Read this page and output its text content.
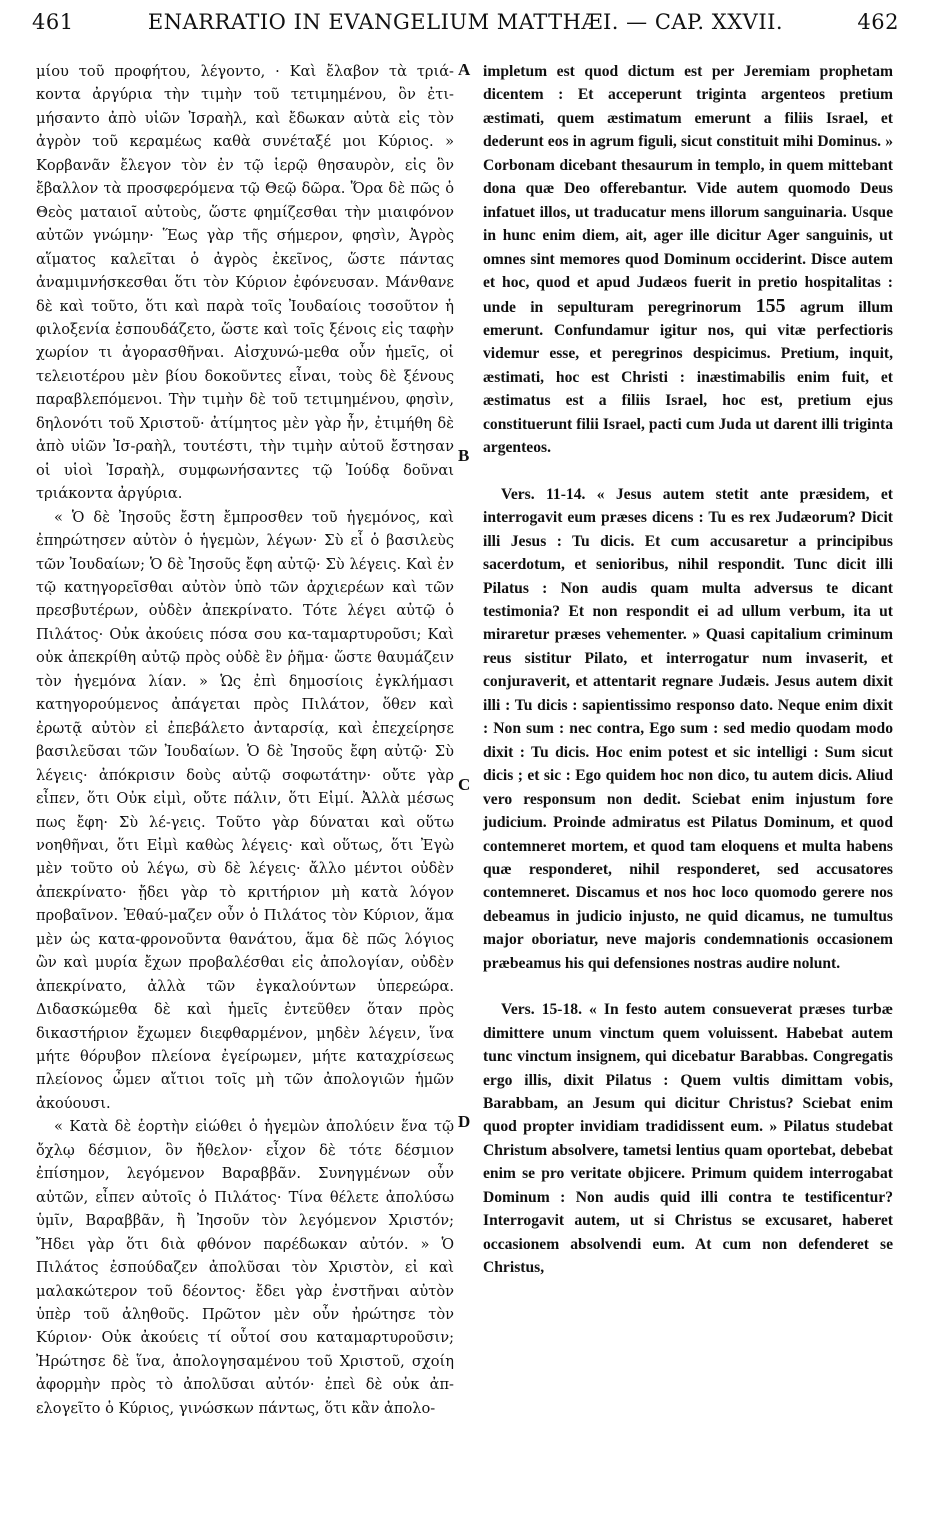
461	ENARRATIO IN EVANGELIUM MATTHÆI. — CAP. XXVII.	462

μίου τοῦ προφήτου, λέγοντο, · Καὶ ἔλαβον τὰ τριά-κοντα ἀργύρια τὴν τιμὴν τοῦ τετιμημένου, ὃν ἐτι-μήσαντο ἀπὸ υἱῶν Ἰσραὴλ, καὶ ἔδωκαν αὐτὰ εἰς τὸν ἀγρὸν τοῦ κεραμέως καθὰ συνέταξέ μοι Κύριος. » Κορβανᾶν ἔλεγον τὸν ἐν τῷ ἱερῷ θησαυρὸν, εἰς ὃν ἔβαλλον τὰ προσφερόμενα τῷ Θεῷ δῶρα. Ὅρα δὲ πῶς ὁ Θεὸς ματαιοῖ αὐτοὺς, ὥστε φημίζεσθαι τὴν μιαιφόνον αὐτῶν γνώμην· Ἕως γὰρ τῆς σήμερον, φησὶν, Ἀγρὸς αἵματος καλεῖται ὁ ἀγρὸς ἐκεῖνος, ὥστε πάντας ἀναμιμνήσκεσθαι ὅτι τὸν Κύριον ἐφόνευσαν. Μάνθανε δὲ καὶ τοῦτο, ὅτι καὶ παρὰ τοῖς Ἰουδαίοις τοσοῦτον ἡ φιλοξενία ἐσπουδάζετο, ὥστε καὶ τοῖς ξένοις εἰς ταφὴν χωρίον τι ἀγορασθῆναι. Αἰσχυνώ-μεθα οὖν ἡμεῖς, οἱ τελειοτέρου μὲν βίου δοκοῦντες εἶναι, τοὺς δὲ ξένους παραβλεπόμενοι. Τὴν τιμὴν δὲ τοῦ τετιμημένου, φησὶν, δηλονότι τοῦ Χριστοῦ· ἀτίμητος μὲν γὰρ ἦν, ἐτιμήθη δὲ ἀπὸ υἱῶν Ἰσ-ραὴλ, τουτέστι, τὴν τιμὴν αὐτοῦ ἔστησαν οἱ υἱοὶ Ἰσραὴλ, συμφωνήσαντες τῷ Ἰούδᾳ δοῦναι τριάκοντα ἀργύρια.

« Ὁ δὲ Ἰησοῦς ἔστη ἔμπροσθεν τοῦ ἡγεμόνος, καὶ ἐπηρώτησεν αὐτὸν ὁ ἡγεμὼν, λέγων· Σὺ εἶ ὁ βασιλεὺς τῶν Ἰουδαίων; Ὁ δὲ Ἰησοῦς ἔφη αὐτῷ· Σὺ λέγεις. Καὶ ἐν τῷ κατηγορεῖσθαι αὐτὸν ὑπὸ τῶν ἀρχιερέων καὶ τῶν πρεσβυτέρων, οὐδὲν ἀπεκρίνατο. Τότε λέγει αὐτῷ ὁ Πιλάτος· Οὐκ ἀκούεις πόσα σου κα-ταμαρτυροῦσι; Καὶ οὐκ ἀπεκρίθη αὐτῷ πρὸς οὐδὲ ἓν ῥῆμα· ὥστε θαυμάζειν τὸν ἡγεμόνα λίαν. » Ὡς ἐπὶ δημοσίοις ἐγκλήμασι κατηγορούμενος ἀπάγεται πρὸς Πιλάτον, ὅθεν καὶ ἐρωτᾷ αὐτὸν εἰ ἐπεβάλετο ἀνταρσίᾳ, καὶ ἐπεχείρησε βασιλεῦσαι τῶν Ἰουδαίων. Ὁ δὲ Ἰησοῦς ἔφη αὐτῷ· Σὺ λέγεις· ἀπόκρισιν δοὺς αὐτῷ σοφωτάτην· οὔτε γὰρ εἶπεν, ὅτι Οὐκ εἰμὶ, οὔτε πάλιν, ὅτι Εἰμί. Ἀλλὰ μέσως πως ἔφη· Σὺ λέ-γεις. Τοῦτο γὰρ δύναται καὶ οὕτω νοηθῆναι, ὅτι Εἰμὶ καθὼς λέγεις· καὶ οὕτως, ὅτι Ἐγὼ μὲν τοῦτο οὐ λέγω, σὺ δὲ λέγεις· ἄλλο μέντοι οὐδὲν ἀπεκρίνατο· ᾔδει γὰρ τὸ κριτήριον μὴ κατὰ λόγον προβαῖνον. Ἐθαύ-μαζεν οὖν ὁ Πιλάτος τὸν Κύριον, ἅμα μὲν ὡς κατα-φρονοῦντα θανάτου, ἅμα δὲ πῶς λόγιος ὢν καὶ μυρία ἔχων προβαλέσθαι εἰς ἀπολογίαν, οὐδὲν ἀπεκρίνατο, ἀλλὰ τῶν ἐγκαλούντων ὑπερεώρα. Διδασκώμεθα δὲ καὶ ἡμεῖς ἐντεῦθεν ὅταν πρὸς δικαστήριον ἔχωμεν διεφθαρμένον, μηδὲν λέγειν, ἵνα μήτε θόρυβον πλείονα ἐγείρωμεν, μήτε καταχρίσεως πλείονος ὦμεν αἴτιοι τοῖς μὴ τῶν ἀπολογιῶν ἡμῶν ἀκούουσι.

« Κατὰ δὲ ἑορτὴν εἰώθει ὁ ἡγεμὼν ἀπολύειν ἕνα τῷ ὄχλῳ δέσμιον, ὃν ἤθελον· εἶχον δὲ τότε δέσμιον ἐπίσημον, λεγόμενον Βαραββᾶν. Συνηγμένων οὖν αὐτῶν, εἶπεν αὐτοῖς ὁ Πιλάτος· Τίνα θέλετε ἀπολύσω ὑμῖν, Βαραββᾶν, ἢ Ἰησοῦν τὸν λεγόμενον Χριστόν; Ἤδει γὰρ ὅτι διὰ φθόνον παρέδωκαν αὐτόν. » Ὁ Πιλάτος ἐσπούδαζεν ἀπολῦσαι τὸν Χριστὸν, εἰ καὶ μαλακώτερον τοῦ δέοντος· ἔδει γὰρ ἐνστῆναι αὐτὸν ὑπὲρ τοῦ ἀληθοῦς. Πρῶτον μὲν οὖν ἠρώτησε τὸν Κύριον· Οὐκ ἀκούεις τί οὗτοί σου καταμαρτυροῦσιν; Ἠρώτησε δὲ ἵνα, ἀπολογησαμένου τοῦ Χριστοῦ, σχοίη ἀφορμὴν πρὸς τὸ ἀπολῦσαι αὐτόν· ἐπεὶ δὲ οὐκ ἀπ-ελογεῖτο ὁ Κύριος, γινώσκων πάντως, ὅτι κἂν ἀπολο-

impletum est quod dictum est per Jeremiam prophetam dicentem : Et acceperunt triginta argenteos pretium æstimati, quem æstimatum emerunt a filiis Israel, et dederunt eos in agrum figuli, sicut constituit mihi Dominus. » Corbonam dicebant thesaurum in templo, in quem mittebant dona quæ Deo offerebantur. Vide autem quomodo Deus infatuet illos, ut traducatur mens illorum sanguinaria. Usque in hunc enim diem, ait, ager ille dicitur Ager sanguinis, ut omnes sint memores quod Dominum occiderint. Disce autem et hoc, quod et apud Judæos fuerit in pretio hospitalitas : unde in sepulturam peregrinorum 155 agrum illum emerunt. Confundamur igitur nos, qui vitæ perfectioris videmur esse, et peregrinos despicimus. Pretium, inquit, æstimati, hoc est Christi : inæstimabilis enim fuit, et æstimatus est a filiis Israel, hoc est, pretium ejus constituerunt filii Israel, pacti cum Juda ut darent illi triginta argenteos.

Vers. 11-14. « Jesus autem stetit ante præsidem, et interrogavit eum præses dicens : Tu es rex Judæorum? Dicit illi Jesus : Tu dicis. Et cum accusaretur a principibus sacerdotum, et senioribus, nihil respondit. Tunc dicit illi Pilatus : Non audis quam multa adversus te dicant testimonia? Et non respondit ei ad ullum verbum, ita ut miraretur præses vehementer. » Quasi capitalium criminum reus sistitur Pilato, et interrogatur num invaserit, et conjuraverit, et attentarit regnare Judæis. Jesus autem dixit illi : Tu dicis : sapientissimo responso dato. Neque enim dixit : Non sum : nec contra, Ego sum : sed medio quodam modo dixit : Tu dicis. Hoc enim potest et sic intelligi : Sum sicut dicis ; et sic : Ego quidem hoc non dico, tu autem dicis. Aliud vero responsum non dedit. Sciebat enim injustum fore judicium. Proinde admiratus est Pilatus Dominum, et quod contemneret mortem, et quod tam eloquens et multa habens quæ responderet, nihil responderet, sed accusatores contemneret. Discamus et nos hoc loco quomodo gerere nos debeamus in judicio injusto, ne quid dicamus, ne tumultus major oboriatur, neve majoris condemnationis occasionem præbeamus his qui defensiones nostras audire nolunt.

Vers. 15-18. « In festo autem consueverat præses turbæ dimittere unum vinctum quem voluissent. Habebat autem tunc vinctum insignem, qui dicebatur Barabbas. Congregatis ergo illis, dixit Pilatus : Quem vultis dimittam vobis, Barabbam, an Jesum qui dicitur Christus? Sciebat enim quod propter invidiam tradidissent eum. » Pilatus studebat Christum absolvere, tametsi lentius quam oportebat, debebat enim se pro veritate objicere. Primum quidem interrogabat Dominum : Non audis quid illi contra te testificentur? Interrogavit autem, ut si Christus se excusaret, haberet occasionem absolvendi eum. At cum non defenderet se Christus,

A
B
C
D
